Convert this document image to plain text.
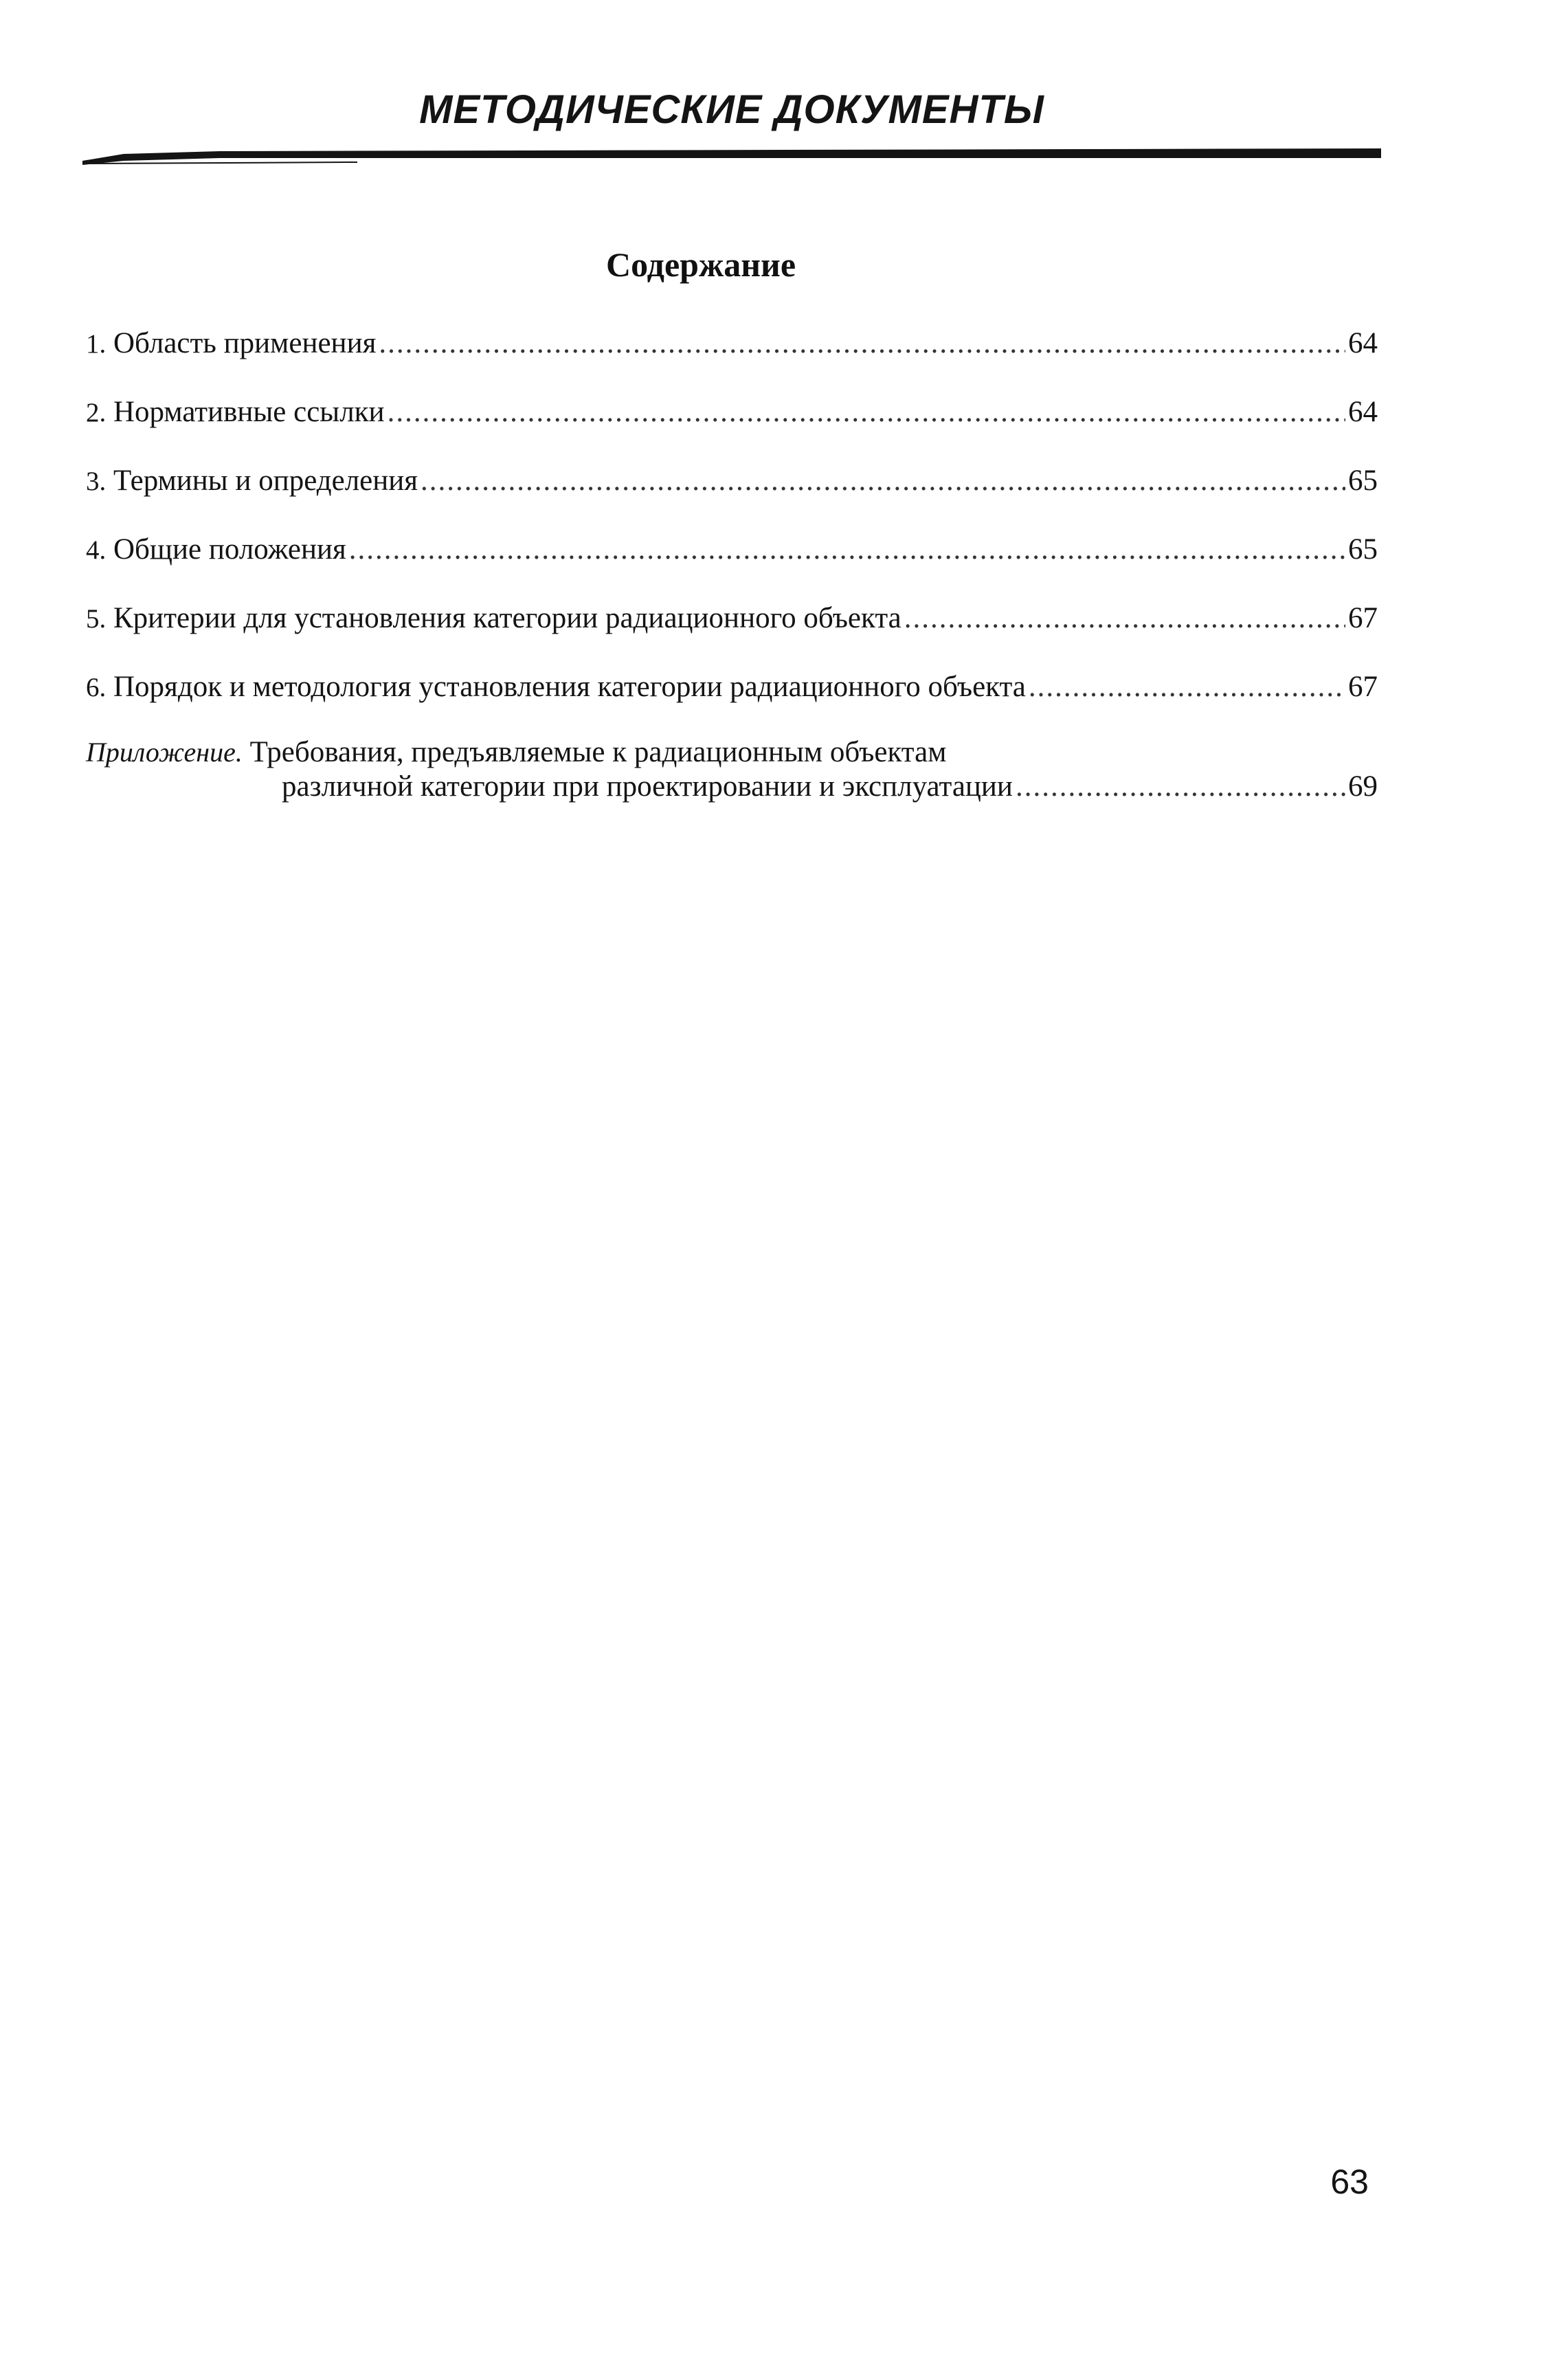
МЕТОДИЧЕСКИЕ ДОКУМЕНТЫ
Содержание
1. Область применения .....	64
2. Нормативные ссылки .....	64
3. Термины и определения .....	65
4. Общие положения .....	65
5. Критерии для установления категории радиационного объекта .....	67
6. Порядок и методология установления категории радиационного объекта .....	67
Приложение. Требования, предъявляемые к радиационным объектам
различной категории при проектировании и эксплуатации .....	69
63
